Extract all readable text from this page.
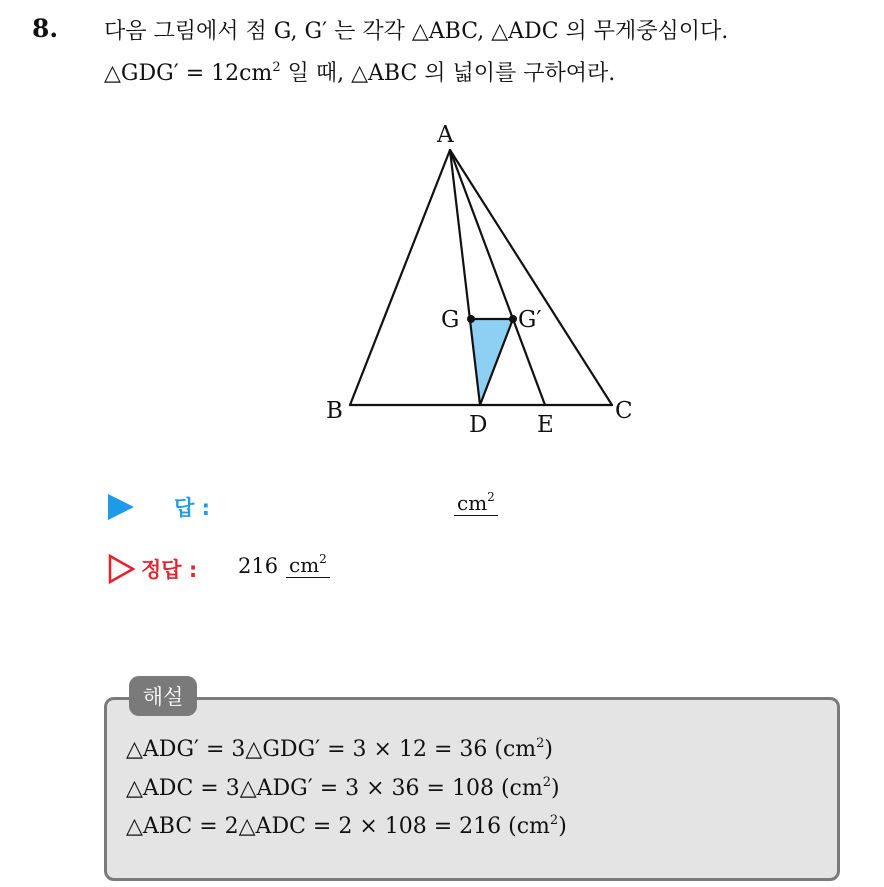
8. 다음 그림에서 점 G, G′ 는 각각 △ABC, △ADC 의 무게중심이다.
△GDG′ = $12cm^2$ 일 때, △ABC 의 넓이를 구하여라.
A
B	C
D E
G	G′
답 :	$cm^2$
정답 : 216 $cm^2$
해설
△ADG′ = 3△GDG′ = 3 × 12 = 36 $(cm^2)$
△ADC = 3△ADG′ = 3 × 36 = 108 $(cm^2)$
△ABC = 2△ADC = 2 × 108 = 216 $(cm^2)$
